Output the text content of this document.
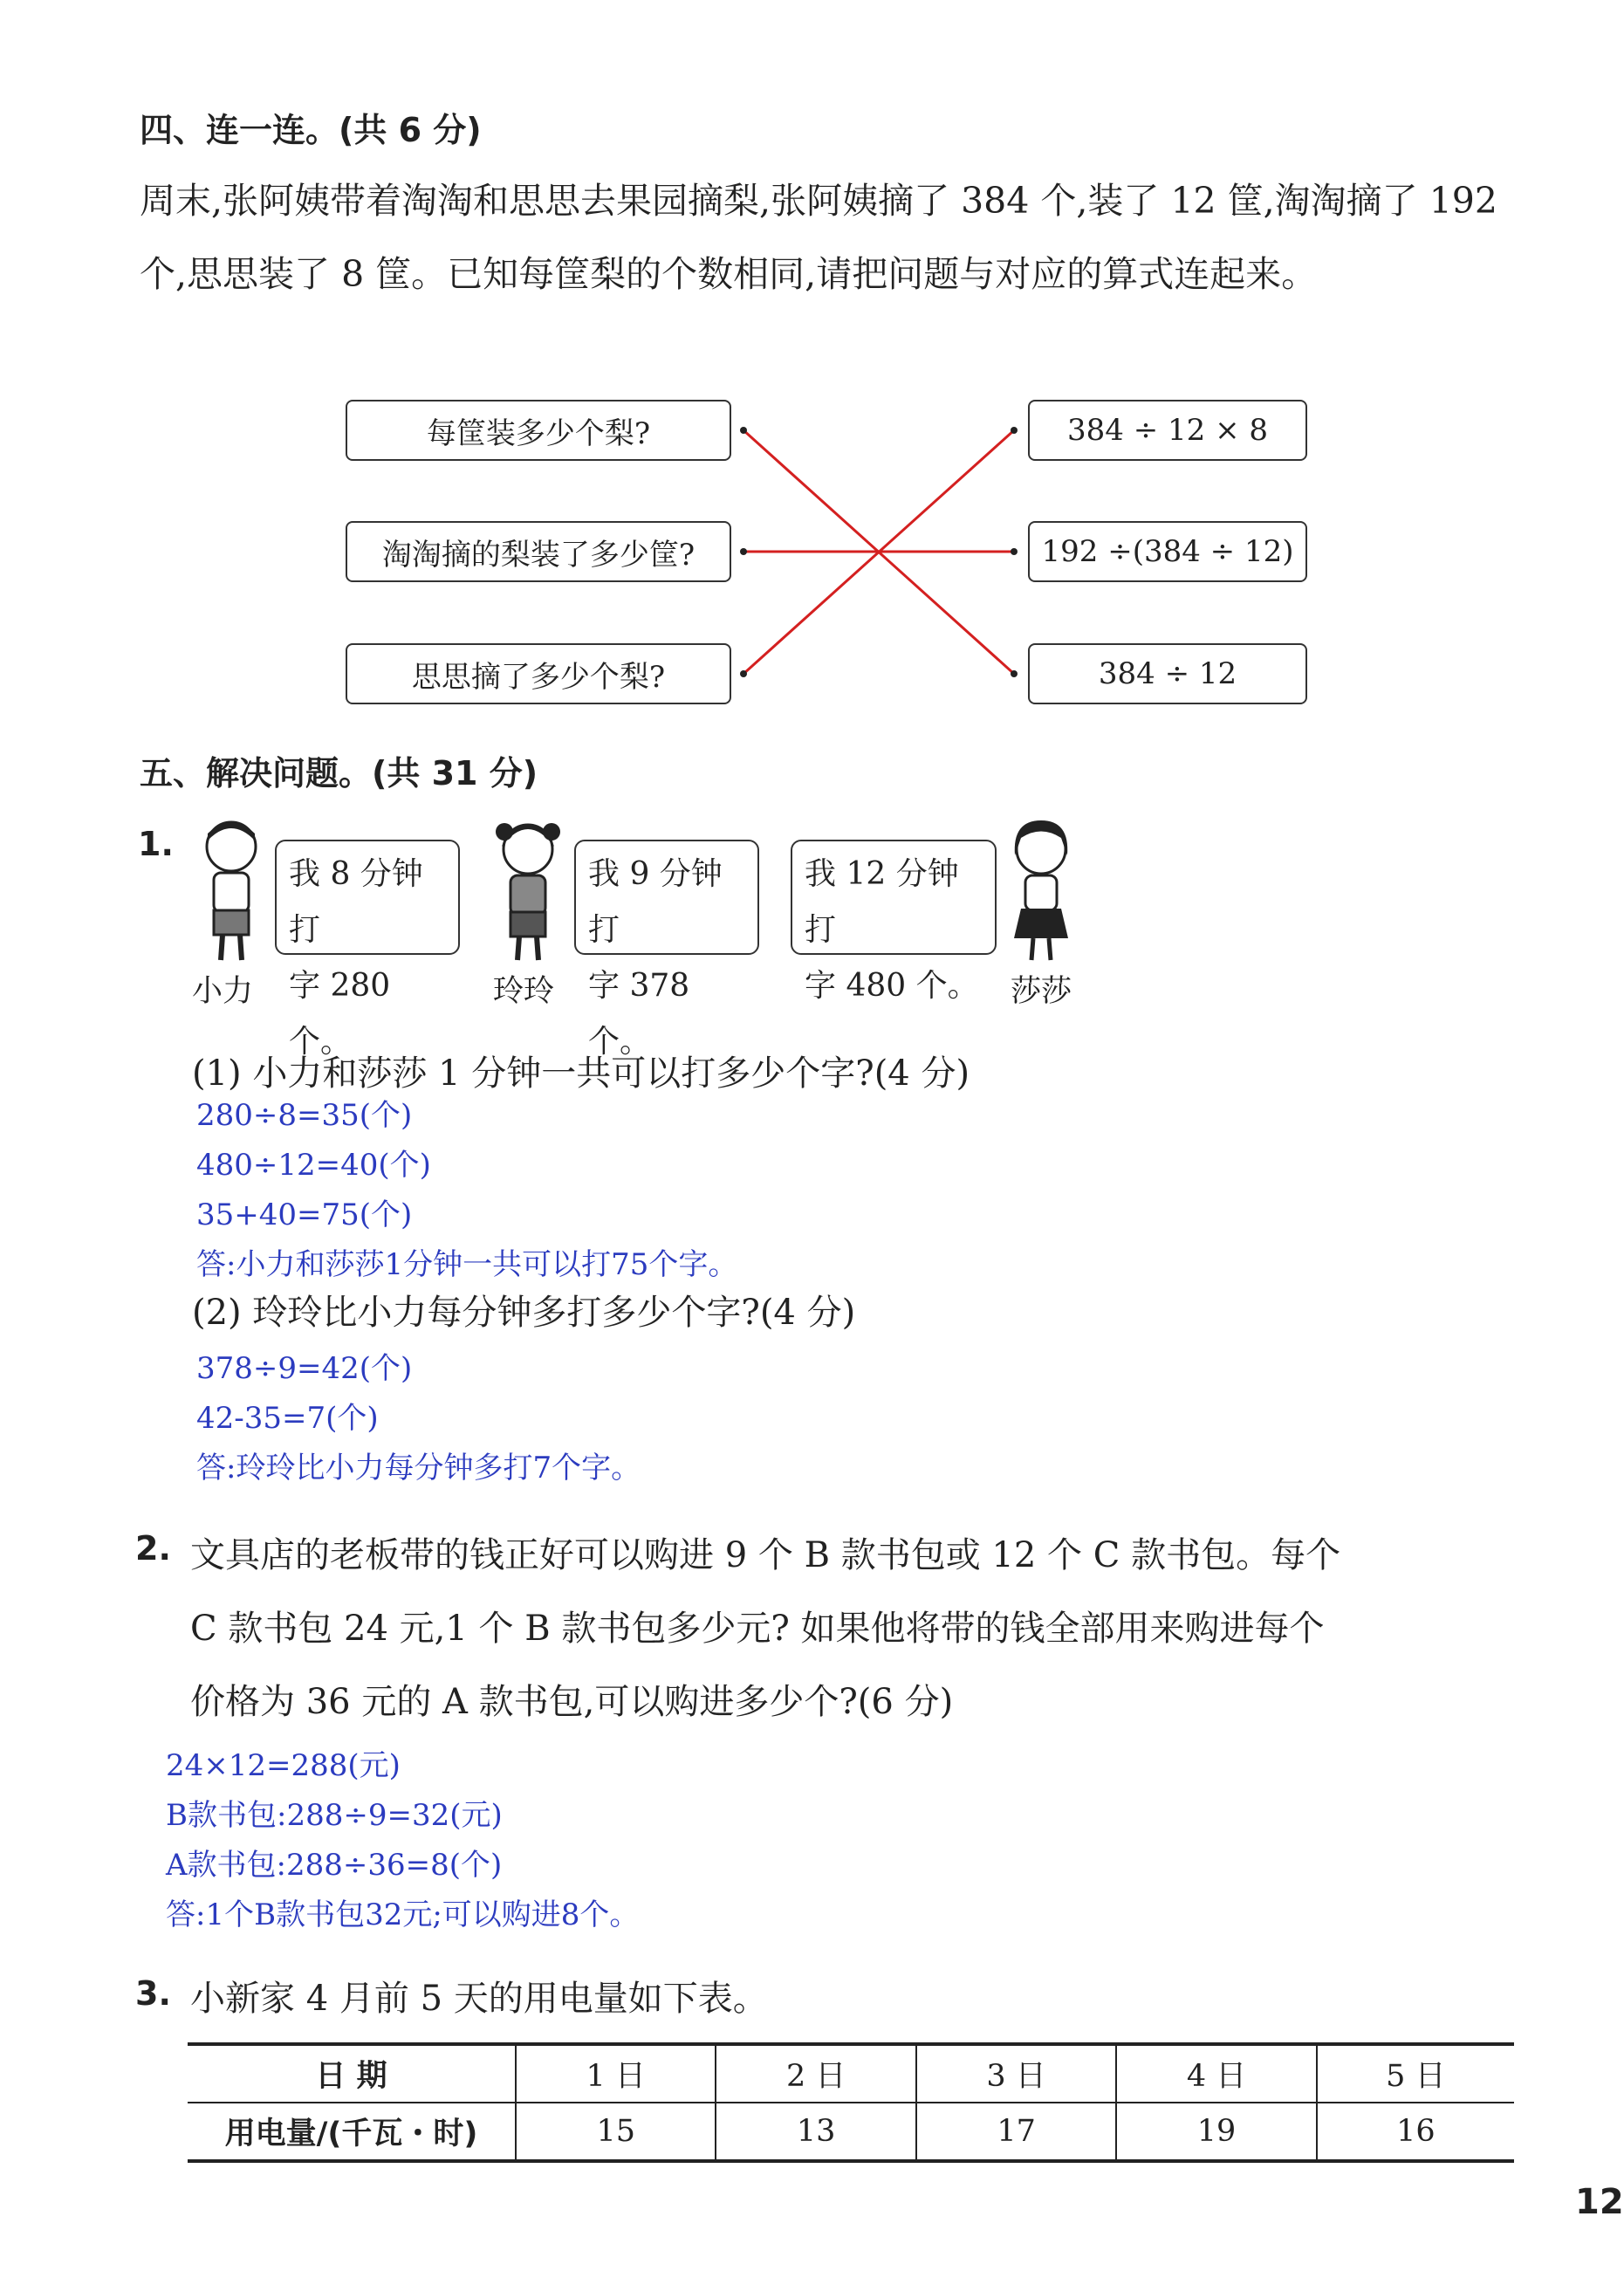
四、连一连。(共 6 分)
周末,张阿姨带着淘淘和思思去果园摘梨,张阿姨摘了 384 个,装了 12 筐,淘淘摘了 192 个,思思装了 8 筐。已知每筐梨的个数相同,请把问题与对应的算式连起来。
每筐装多少个梨?
淘淘摘的梨装了多少筐?
思思摘了多少个梨?
384 ÷ 12 × 8
192 ÷(384 ÷ 12)
384 ÷ 12
五、解决问题。(共 31 分)
1.
我 8 分钟打
字 280 个。
我 9 分钟打
字 378 个。
我 12 分钟打
字 480 个。
小力	玲玲	莎莎
(1) 小力和莎莎 1 分钟一共可以打多少个字?(4 分)
280÷8=35(个)
480÷12=40(个)
35+40=75(个)
答:小力和莎莎1分钟一共可以打75个字。
(2) 玲玲比小力每分钟多打多少个字?(4 分)
378÷9=42(个)
42-35=7(个)
答:玲玲比小力每分钟多打7个字。
2. 文具店的老板带的钱正好可以购进 9 个 B 款书包或 12 个 C 款书包。每个
C 款书包 24 元,1 个 B 款书包多少元? 如果他将带的钱全部用来购进每个
价格为 36 元的 A 款书包,可以购进多少个?(6 分)
24×12=288(元)
B款书包:288÷9=32(元)
A款书包:288÷36=8(个)
答:1个B款书包32元;可以购进8个。
3. 小新家 4 月前 5 天的用电量如下表。
日 期	1 日	2 日	3 日	4 日	5 日
用电量/(千瓦・时)	15	13	17	19	16
12
